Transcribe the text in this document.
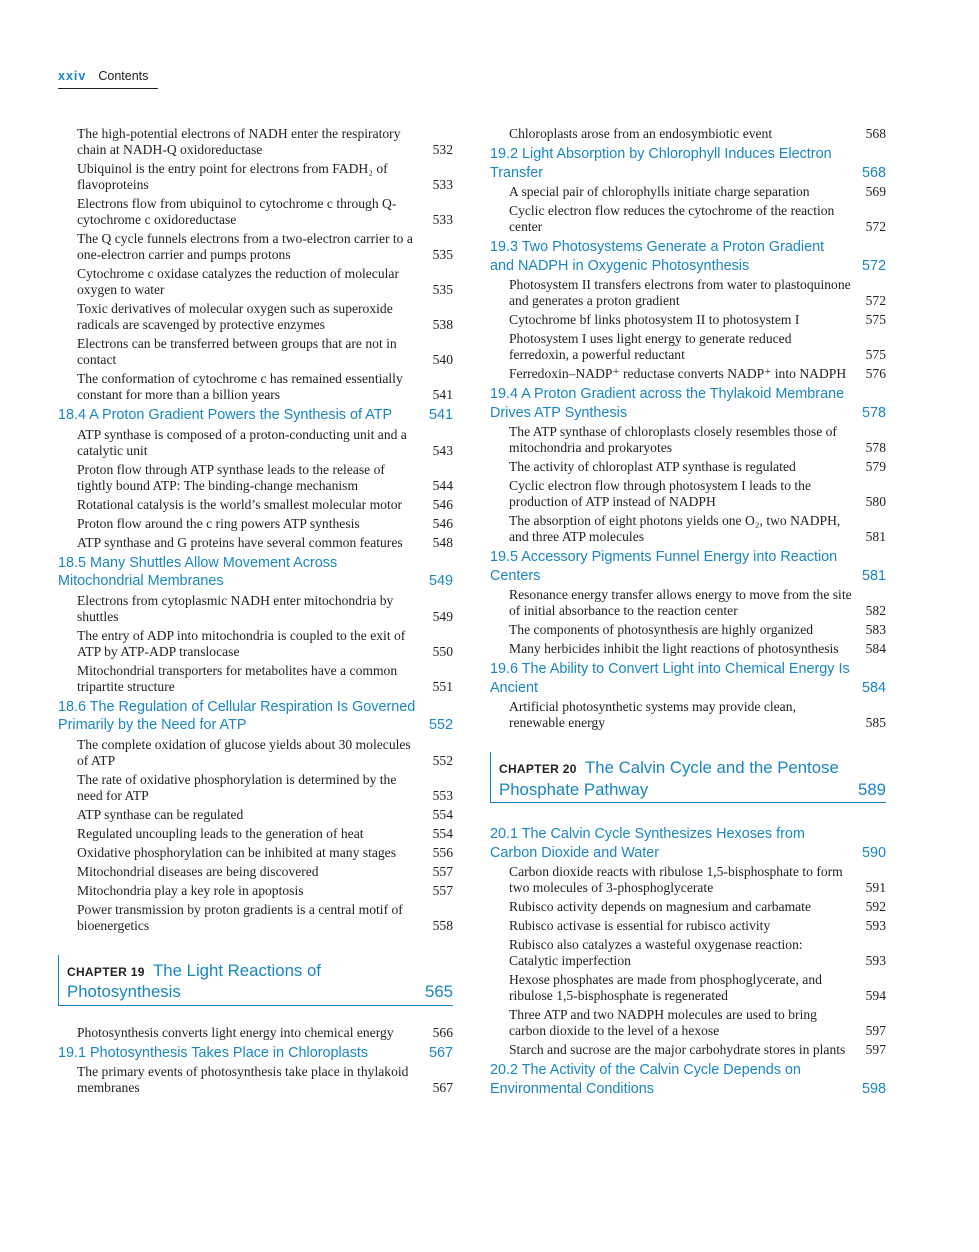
xxiv Contents
The high-potential electrons of NADH enter the respiratory chain at NADH-Q oxidoreductase	532
Ubiquinol is the entry point for electrons from FADH₂ of flavoproteins	533
Electrons flow from ubiquinol to cytochrome c through Q-cytochrome c oxidoreductase	533
The Q cycle funnels electrons from a two-electron carrier to a one-electron carrier and pumps protons	535
Cytochrome c oxidase catalyzes the reduction of molecular oxygen to water	535
Toxic derivatives of molecular oxygen such as superoxide radicals are scavenged by protective enzymes	538
Electrons can be transferred between groups that are not in contact	540
The conformation of cytochrome c has remained essentially constant for more than a billion years	541
18.4 A Proton Gradient Powers the Synthesis of ATP	541
ATP synthase is composed of a proton-conducting unit and a catalytic unit	543
Proton flow through ATP synthase leads to the release of tightly bound ATP: The binding-change mechanism	544
Rotational catalysis is the world’s smallest molecular motor	546
Proton flow around the c ring powers ATP synthesis	546
ATP synthase and G proteins have several common features	548
18.5 Many Shuttles Allow Movement Across Mitochondrial Membranes	549
Electrons from cytoplasmic NADH enter mitochondria by shuttles	549
The entry of ADP into mitochondria is coupled to the exit of ATP by ATP-ADP translocase	550
Mitochondrial transporters for metabolites have a common tripartite structure	551
18.6 The Regulation of Cellular Respiration Is Governed Primarily by the Need for ATP	552
The complete oxidation of glucose yields about 30 molecules of ATP	552
The rate of oxidative phosphorylation is determined by the need for ATP	553
ATP synthase can be regulated	554
Regulated uncoupling leads to the generation of heat	554
Oxidative phosphorylation can be inhibited at many stages	556
Mitochondrial diseases are being discovered	557
Mitochondria play a key role in apoptosis	557
Power transmission by proton gradients is a central motif of bioenergetics	558
CHAPTER 19 The Light Reactions of Photosynthesis	565
Photosynthesis converts light energy into chemical energy	566
19.1 Photosynthesis Takes Place in Chloroplasts	567
The primary events of photosynthesis take place in thylakoid membranes	567
Chloroplasts arose from an endosymbiotic event	568
19.2 Light Absorption by Chlorophyll Induces Electron Transfer	568
A special pair of chlorophylls initiate charge separation	569
Cyclic electron flow reduces the cytochrome of the reaction center	572
19.3 Two Photosystems Generate a Proton Gradient and NADPH in Oxygenic Photosynthesis	572
Photosystem II transfers electrons from water to plastoquinone and generates a proton gradient	572
Cytochrome bf links photosystem II to photosystem I	575
Photosystem I uses light energy to generate reduced ferredoxin, a powerful reductant	575
Ferredoxin–NADP⁺ reductase converts NADP⁺ into NADPH	576
19.4 A Proton Gradient across the Thylakoid Membrane Drives ATP Synthesis	578
The ATP synthase of chloroplasts closely resembles those of mitochondria and prokaryotes	578
The activity of chloroplast ATP synthase is regulated	579
Cyclic electron flow through photosystem I leads to the production of ATP instead of NADPH	580
The absorption of eight photons yields one O₂, two NADPH, and three ATP molecules	581
19.5 Accessory Pigments Funnel Energy into Reaction Centers	581
Resonance energy transfer allows energy to move from the site of initial absorbance to the reaction center	582
The components of photosynthesis are highly organized	583
Many herbicides inhibit the light reactions of photosynthesis	584
19.6 The Ability to Convert Light into Chemical Energy Is Ancient	584
Artificial photosynthetic systems may provide clean, renewable energy	585
CHAPTER 20 The Calvin Cycle and the Pentose Phosphate Pathway	589
20.1 The Calvin Cycle Synthesizes Hexoses from Carbon Dioxide and Water	590
Carbon dioxide reacts with ribulose 1,5-bisphosphate to form two molecules of 3-phosphoglycerate	591
Rubisco activity depends on magnesium and carbamate	592
Rubisco activase is essential for rubisco activity	593
Rubisco also catalyzes a wasteful oxygenase reaction: Catalytic imperfection	593
Hexose phosphates are made from phosphoglycerate, and ribulose 1,5-bisphosphate is regenerated	594
Three ATP and two NADPH molecules are used to bring carbon dioxide to the level of a hexose	597
Starch and sucrose are the major carbohydrate stores in plants	597
20.2 The Activity of the Calvin Cycle Depends on Environmental Conditions	598
